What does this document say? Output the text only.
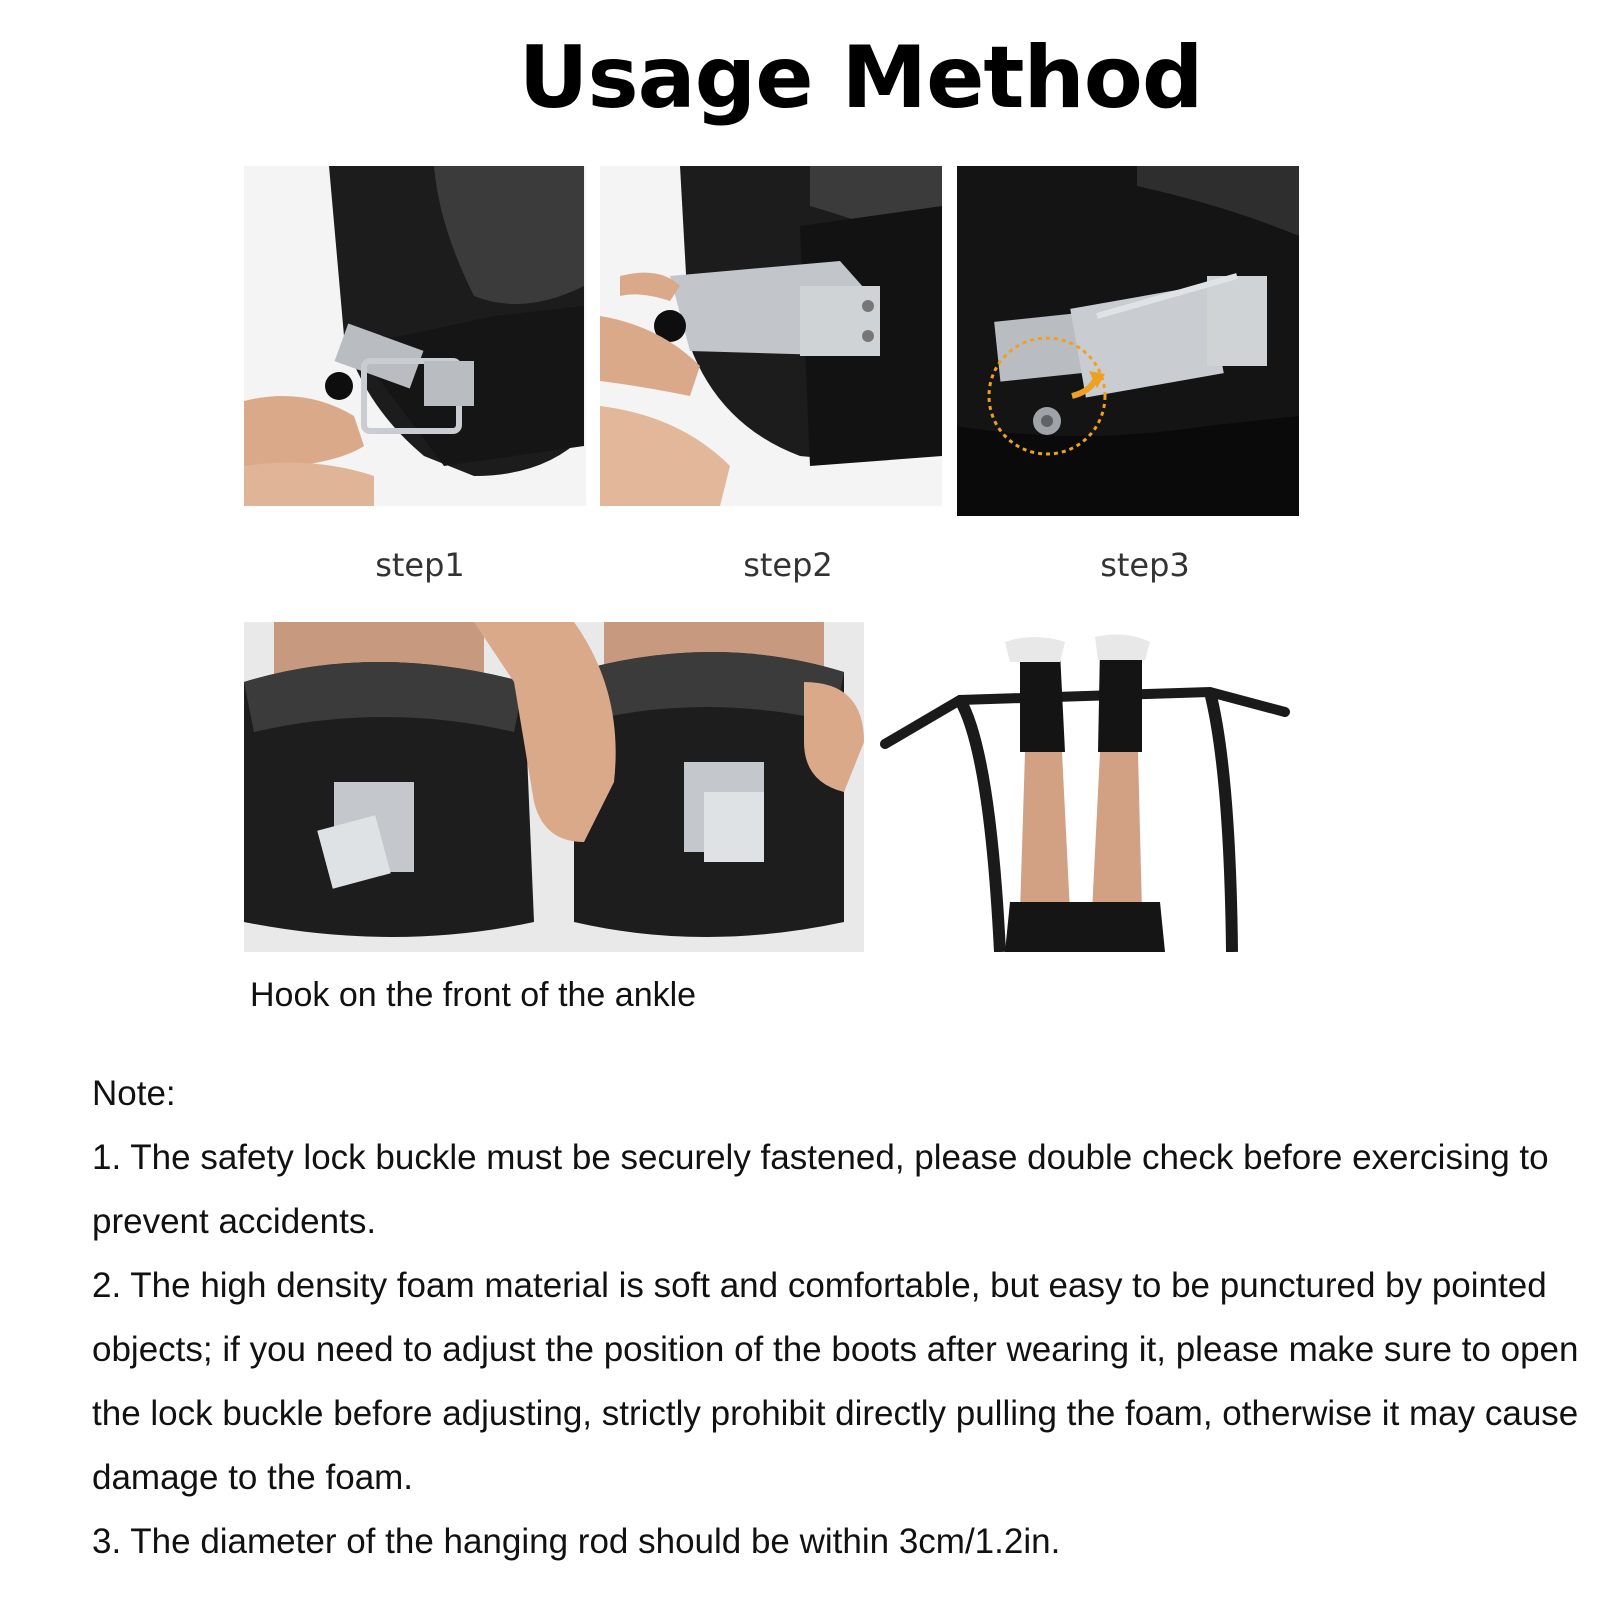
Usage Method
step1	step2	step3
Hook on the front of the ankle

Note:

1. The safety lock buckle must be securely fastened, please double check before exercising to prevent accidents.

2. The high density foam material is soft and comfortable, but easy to be punctured by pointed objects; if you need to adjust the position of the boots after wearing it, please make sure to open the lock buckle before adjusting, strictly prohibit directly pulling the foam, otherwise it may cause damage to the foam.

3. The diameter of the hanging rod should be within 3cm/1.2in.
